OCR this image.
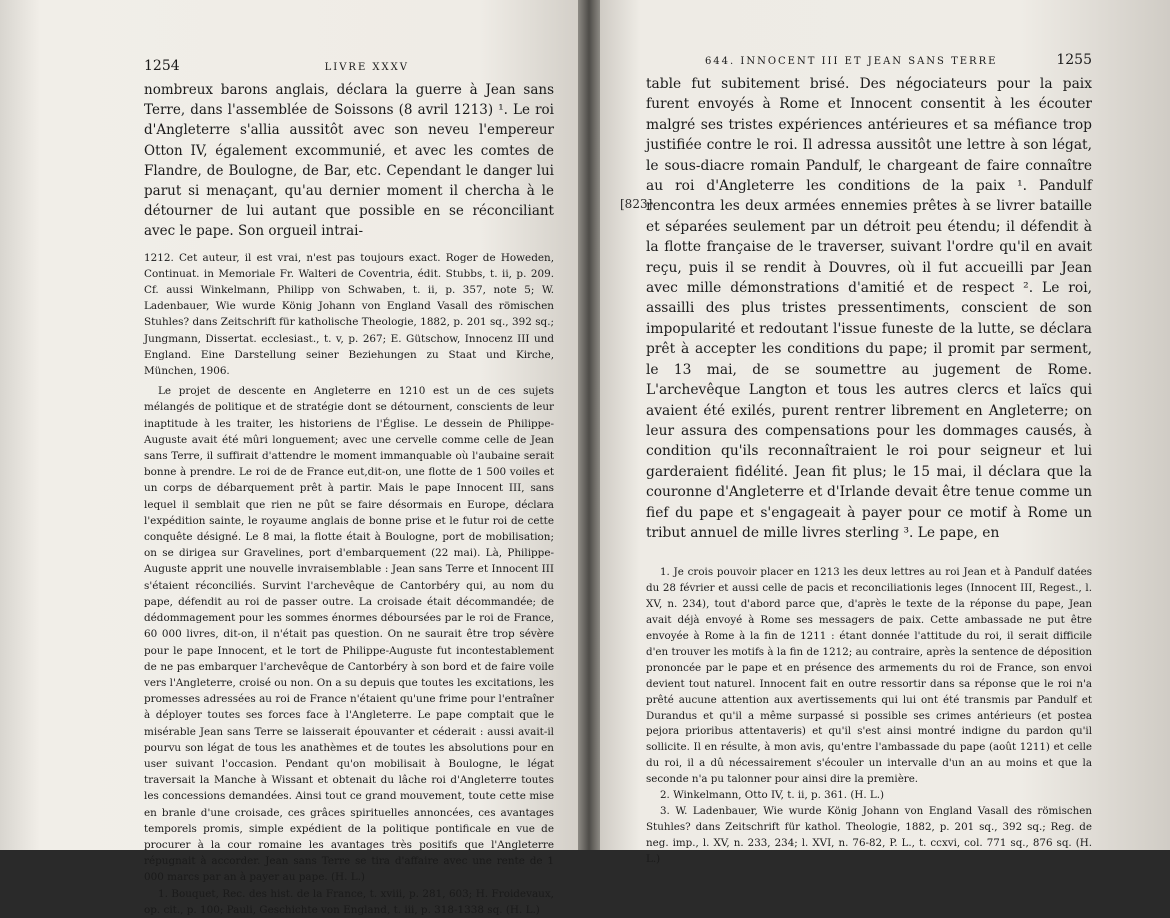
1254	LIVRE XXXV

nombreux barons anglais, déclara la guerre à Jean sans Terre, dans l'assemblée de Soissons (8 avril 1213) ¹. Le roi d'Angleterre s'allia aussitôt avec son neveu l'empereur Otton IV, également excommunié, et avec les comtes de Flandre, de Boulogne, de Bar, etc. Cependant le danger lui parut si menaçant, qu'au dernier moment il chercha à le détourner de lui autant que possible en se réconciliant avec le pape. Son orgueil intrai-

1212. Cet auteur, il est vrai, n'est pas toujours exact. Roger de Howeden, Continuat. in Memoriale Fr. Walteri de Coventria, édit. Stubbs, t. ii, p. 209. Cf. aussi Winkelmann, Philipp von Schwaben, t. ii, p. 357, note 5; W. Ladenbauer, Wie wurde König Johann von England Vasall des römischen Stuhles? dans Zeitschrift für katholische Theologie, 1882, p. 201 sq., 392 sq.; Jungmann, Dissertat. ecclesiast., t. v, p. 267; E. Gütschow, Innocenz III und England. Eine Darstellung seiner Beziehungen zu Staat und Kirche, München, 1906.

Le projet de descente en Angleterre en 1210 est un de ces sujets mélangés de politique et de stratégie dont se détournent, conscients de leur inaptitude à les traiter, les historiens de l'Église. Le dessein de Philippe-Auguste avait été mûri longuement; avec une cervelle comme celle de Jean sans Terre, il suffirait d'attendre le moment immanquable où l'aubaine serait bonne à prendre. Le roi de de France eut,dit-on, une flotte de 1 500 voiles et un corps de débarquement prêt à partir. Mais le pape Innocent III, sans lequel il semblait que rien ne pût se faire désormais en Europe, déclara l'expédition sainte, le royaume anglais de bonne prise et le futur roi de cette conquête désigné. Le 8 mai, la flotte était à Boulogne, port de mobilisation; on se dirigea sur Gravelines, port d'embarquement (22 mai). Là, Philippe-Auguste apprit une nouvelle invraisemblable : Jean sans Terre et Innocent III s'étaient réconciliés. Survint l'archevêque de Cantorbéry qui, au nom du pape, défendit au roi de passer outre. La croisade était décommandée; de dédommagement pour les sommes énormes déboursées par le roi de France, 60 000 livres, dit-on, il n'était pas question. On ne saurait être trop sévère pour le pape Innocent, et le tort de Philippe-Auguste fut incontestablement de ne pas embarquer l'archevêque de Cantorbéry à son bord et de faire voile vers l'Angleterre, croisé ou non. On a su depuis que toutes les excitations, les promesses adressées au roi de France n'étaient qu'une frime pour l'entraîner à déployer toutes ses forces face à l'Angleterre. Le pape comptait que le misérable Jean sans Terre se laisserait épouvanter et céderait : aussi avait-il pourvu son légat de tous les anathèmes et de toutes les absolutions pour en user suivant l'occasion. Pendant qu'on mobilisait à Boulogne, le légat traversait la Manche à Wissant et obtenait du lâche roi d'Angleterre toutes les concessions demandées. Ainsi tout ce grand mouvement, toute cette mise en branle d'une croisade, ces grâces spirituelles annoncées, ces avantages temporels promis, simple expédient de la politique pontificale en vue de procurer à la cour romaine les avantages très positifs que l'Angleterre répugnait à accorder. Jean sans Terre se tira d'affaire avec une rente de 1 000 marcs par an à payer au pape. (H. L.)

1. Bouquet, Rec. des hist. de la France, t. xviii, p. 281, 603; H. Froidevaux, op. cit., p. 100; Pauli, Geschichte von England, t. iii, p. 318-1338 sq. (H. L.)

644. INNOCENT III ET JEAN SANS TERRE	1255
[823]

table fut subitement brisé. Des négociateurs pour la paix furent envoyés à Rome et Innocent consentit à les écouter malgré ses tristes expériences antérieures et sa méfiance trop justifiée contre le roi. Il adressa aussitôt une lettre à son légat, le sous-diacre romain Pandulf, le chargeant de faire connaître au roi d'Angleterre les conditions de la paix ¹. Pandulf rencontra les deux armées ennemies prêtes à se livrer bataille et séparées seulement par un détroit peu étendu; il défendit à la flotte française de le traverser, suivant l'ordre qu'il en avait reçu, puis il se rendit à Douvres, où il fut accueilli par Jean avec mille démonstrations d'amitié et de respect ². Le roi, assailli des plus tristes pressentiments, conscient de son impopularité et redoutant l'issue funeste de la lutte, se déclara prêt à accepter les conditions du pape; il promit par serment, le 13 mai, de se soumettre au jugement de Rome. L'archevêque Langton et tous les autres clercs et laïcs qui avaient été exilés, purent rentrer librement en Angleterre; on leur assura des compensations pour les dommages causés, à condition qu'ils reconnaîtraient le roi pour seigneur et lui garderaient fidélité. Jean fit plus; le 15 mai, il déclara que la couronne d'Angleterre et d'Irlande devait être tenue comme un fief du pape et s'engageait à payer pour ce motif à Rome un tribut annuel de mille livres sterling ³. Le pape, en

1. Je crois pouvoir placer en 1213 les deux lettres au roi Jean et à Pandulf datées du 28 février et aussi celle de pacis et reconciliationis leges (Innocent III, Regest., l. XV, n. 234), tout d'abord parce que, d'après le texte de la réponse du pape, Jean avait déjà envoyé à Rome ses messagers de paix. Cette ambassade ne put être envoyée à Rome à la fin de 1211 : étant donnée l'attitude du roi, il serait difficile d'en trouver les motifs à la fin de 1212; au contraire, après la sentence de déposition prononcée par le pape et en présence des armements du roi de France, son envoi devient tout naturel. Innocent fait en outre ressortir dans sa réponse que le roi n'a prêté aucune attention aux avertissements qui lui ont été transmis par Pandulf et Durandus et qu'il a même surpassé si possible ses crimes antérieurs (et postea pejora prioribus attentaveris) et qu'il s'est ainsi montré indigne du pardon qu'il sollicite. Il en résulte, à mon avis, qu'entre l'ambassade du pape (août 1211) et celle du roi, il a dû nécessairement s'écouler un intervalle d'un an au moins et que la seconde n'a pu talonner pour ainsi dire la première.

2. Winkelmann, Otto IV, t. ii, p. 361. (H. L.)

3. W. Ladenbauer, Wie wurde König Johann von England Vasall des römischen Stuhles? dans Zeitschrift für kathol. Theologie, 1882, p. 201 sq., 392 sq.; Reg. de neg. imp., l. XV, n. 233, 234; l. XVI, n. 76-82, P. L., t. ccxvi, col. 771 sq., 876 sq. (H. L.)
